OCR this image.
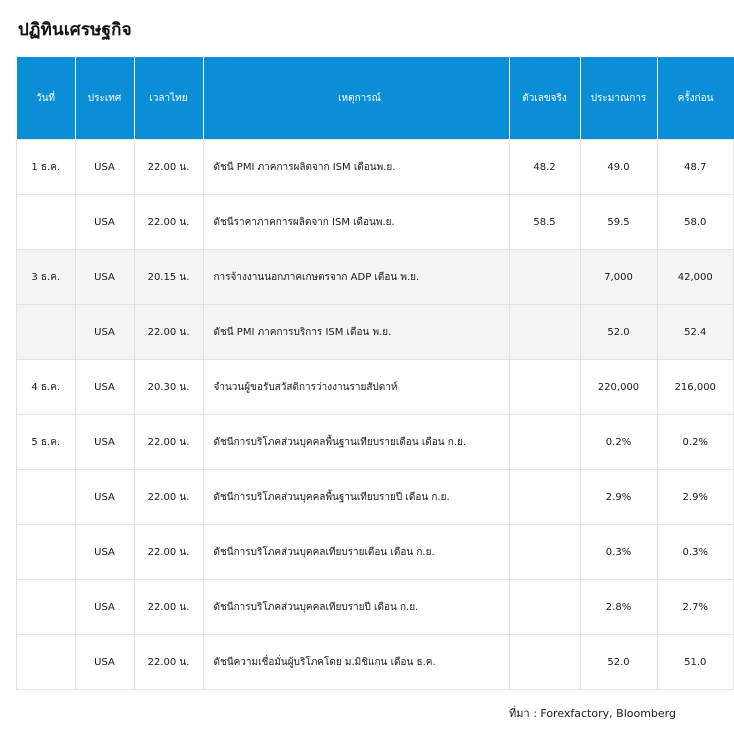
ปฏิทินเศรษฐกิจ
วันที่	ประเทศ	เวลาไทย	เหตุการณ์	ตัวเลขจริง	ประมาณการ	ครั้งก่อน
1 ธ.ค.	USA	22.00 น.	ดัชนี PMI ภาคการผลิตจาก ISM เดือนพ.ย.	48.2	49.0	48.7
	USA	22.00 น.	ดัชนีราคาภาคการผลิตจาก ISM เดือนพ.ย.	58.5	59.5	58.0
3 ธ.ค.	USA	20.15 น.	การจ้างงานนอกภาคเกษตรจาก ADP เดือน พ.ย.		7,000	42,000
	USA	22.00 น.	ดัชนี PMI ภาคการบริการ ISM เดือน พ.ย.		52.0	52.4
4 ธ.ค.	USA	20.30 น.	จำนวนผู้ขอรับสวัสดิการว่างงานรายสัปดาห์		220,000	216,000
5 ธ.ค.	USA	22.00 น.	ดัชนีการบริโภคส่วนบุคคลพื้นฐานเทียบรายเดือน เดือน ก.ย.		0.2%	0.2%
	USA	22.00 น.	ดัชนีการบริโภคส่วนบุคคลพื้นฐานเทียบรายปี เดือน ก.ย.		2.9%	2.9%
	USA	22.00 น.	ดัชนีการบริโภคส่วนบุคคลเทียบรายเดือน เดือน ก.ย.		0.3%	0.3%
	USA	22.00 น.	ดัชนีการบริโภคส่วนบุคคลเทียบรายปี เดือน ก.ย.		2.8%	2.7%
	USA	22.00 น.	ดัชนีความเชื่อมั่นผู้บริโภคโดย ม.มิชิแกน เดือน ธ.ค.		52.0	51.0
ที่มา : Forexfactory, Bloomberg
